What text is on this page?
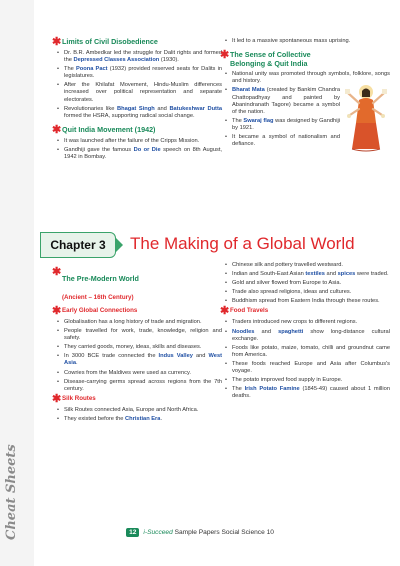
Cheat Sheets
✱ Limits of Civil Disobedience
• Dr. B.R. Ambedkar led the struggle for Dalit rights and formed the Depressed Classes Association (1930).
• The Poona Pact (1932) provided reserved seats for Dalits in legislatures.
• After the Khilafat Movement, Hindu-Muslim differences increased over political representation and separate electorates.
• Revolutionaries like Bhagat Singh and Batukeshwar Dutta formed the HSRA, supporting radical social change.
✱ Quit India Movement (1942)
• It was launched after the failure of the Cripps Mission.
• Gandhiji gave the famous Do or Die speech on 8th August, 1942 in Bombay.
• It led to a massive spontaneous mass uprising.
✱ The Sense of Collective
Belonging & Quit India
• National unity was promoted through symbols, folklore, songs and history.
• Bharat Mata (created by Bankim Chandra Chattopadhyay and painted by Abanindranath Tagore) became a symbol of the nation.
• The Swaraj flag was designed by Gandhiji by 1921.
• It became a symbol of nationalism and defiance.
Chapter 3	The Making of a Global World
✱
The Pre-Modern World
(Ancient – 16th Century)
✱ Early Global Connections
• Globalisation has a long history of trade and migration.
• People travelled for work, trade, knowledge, religion and safety.
• They carried goods, money, ideas, skills and diseases.
• In 3000 BCE trade connected the Indus Valley and West Asia.
• Cowries from the Maldives were used as currency.
• Disease-carrying germs spread across regions from the 7th century.
✱ Silk Routes
• Silk Routes connected Asia, Europe and North Africa.
• They existed before the Christian Era.
• Chinese silk and pottery travelled westward.
• Indian and South-East Asian textiles and spices were traded.
• Gold and silver flowed from Europe to Asia.
• Trade also spread religions, ideas and cultures.
• Buddhism spread from Eastern India through these routes.
✱ Food Travels
• Traders introduced new crops to different regions.
• Noodles and spaghetti show long-distance cultural exchange.
• Foods like potato, maize, tomato, chilli and groundnut came from America.
• These foods reached Europe and Asia after Columbus's voyage.
• The potato improved food supply in Europe.
• The Irish Potato Famine (1845-49) caused about 1 million deaths.
12 i-Succeed Sample Papers Social Science 10
